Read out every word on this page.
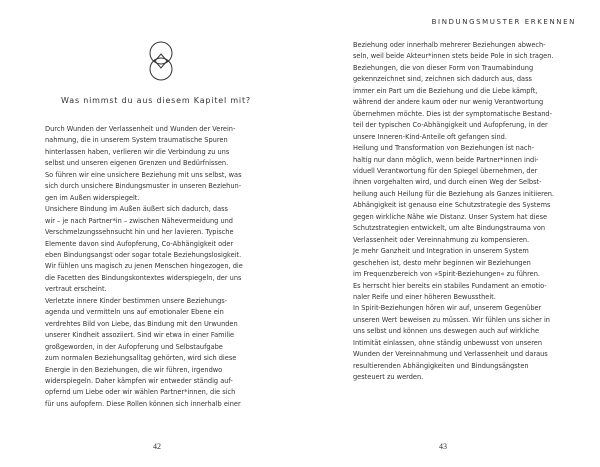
Was nimmst du aus diesem Kapitel mit?
• Durch Wunden der Verlassenheit und Wunden der Verein-
nahmung, die in unserem System traumatische Spuren
hinterlassen haben, verlieren wir die Verbindung zu uns
selbst und unseren eigenen Grenzen und Bedürfnissen.
So führen wir eine unsichere Beziehung mit uns selbst, was
sich durch unsichere Bindungsmuster in unseren Beziehun-
gen im Außen widerspiegelt.
• Unsichere Bindung im Außen äußert sich dadurch, dass
wir – je nach Partner*in – zwischen Nähevermeidung und
Verschmelzungssehnsucht hin und her lavieren. Typische
Elemente davon sind Aufopferung, Co-Abhängigkeit oder
eben Bindungsangst oder sogar totale Beziehungslosigkeit.
• Wir fühlen uns magisch zu jenen Menschen hingezogen, die
die Facetten des Bindungskontextes widerspiegeln, der uns
vertraut erscheint.
• Verletzte innere Kinder bestimmen unsere Beziehungs-
agenda und vermitteln uns auf emotionaler Ebene ein
verdrehtes Bild von Liebe, das Bindung mit den Urwunden
unserer Kindheit assoziiert. Sind wir etwa in einer Familie
großgeworden, in der Aufopferung und Selbstaufgabe
zum normalen Beziehungsalltag gehörten, wird sich diese
Energie in den Beziehungen, die wir führen, irgendwo
widerspiegeln. Daher kämpfen wir entweder ständig auf-
opfernd um Liebe oder wir wählen Partner*innen, die sich
für uns aufopfern. Diese Rollen können sich innerhalb einer
42
BINDUNGSMUSTER ERKENNEN
Beziehung oder innerhalb mehrerer Beziehungen abwech-
seln, weil beide Akteur*innen stets beide Pole in sich tragen.
• Beziehungen, die von dieser Form von Traumabindung
gekennzeichnet sind, zeichnen sich dadurch aus, dass
immer ein Part um die Beziehung und die Liebe kämpft,
während der andere kaum oder nur wenig Verantwortung
übernehmen möchte. Dies ist der symptomatische Bestand-
teil der typischen Co-Abhängigkeit und Aufopferung, in der
unsere Inneren-Kind-Anteile oft gefangen sind.
• Heilung und Transformation von Beziehungen ist nach-
haltig nur dann möglich, wenn beide Partner*innen indi-
viduell Verantwortung für den Spiegel übernehmen, der
ihnen vorgehalten wird, und durch einen Weg der Selbst-
heilung auch Heilung für die Beziehung als Ganzes initiieren.
• Abhängigkeit ist genauso eine Schutzstrategie des Systems
gegen wirkliche Nähe wie Distanz. Unser System hat diese
Schutzstrategien entwickelt, um alte Bindungstrauma von
Verlassenheit oder Vereinnahmung zu kompensieren.
• Je mehr Ganzheit und Integration in unserem System
geschehen ist, desto mehr beginnen wir Beziehungen
im Frequenzbereich von »Spirit-Beziehungen« zu führen.
Es herrscht hier bereits ein stabiles Fundament an emotio-
naler Reife und einer höheren Bewusstheit.
• In Spirit-Beziehungen hören wir auf, unserem Gegenüber
unseren Wert beweisen zu müssen. Wir fühlen uns sicher in
uns selbst und können uns deswegen auch auf wirkliche
Intimität einlassen, ohne ständig unbewusst von unseren
Wunden der Vereinnahmung und Verlassenheit und daraus
resultierenden Abhängigkeiten und Bindungsängsten
gesteuert zu werden.
43
